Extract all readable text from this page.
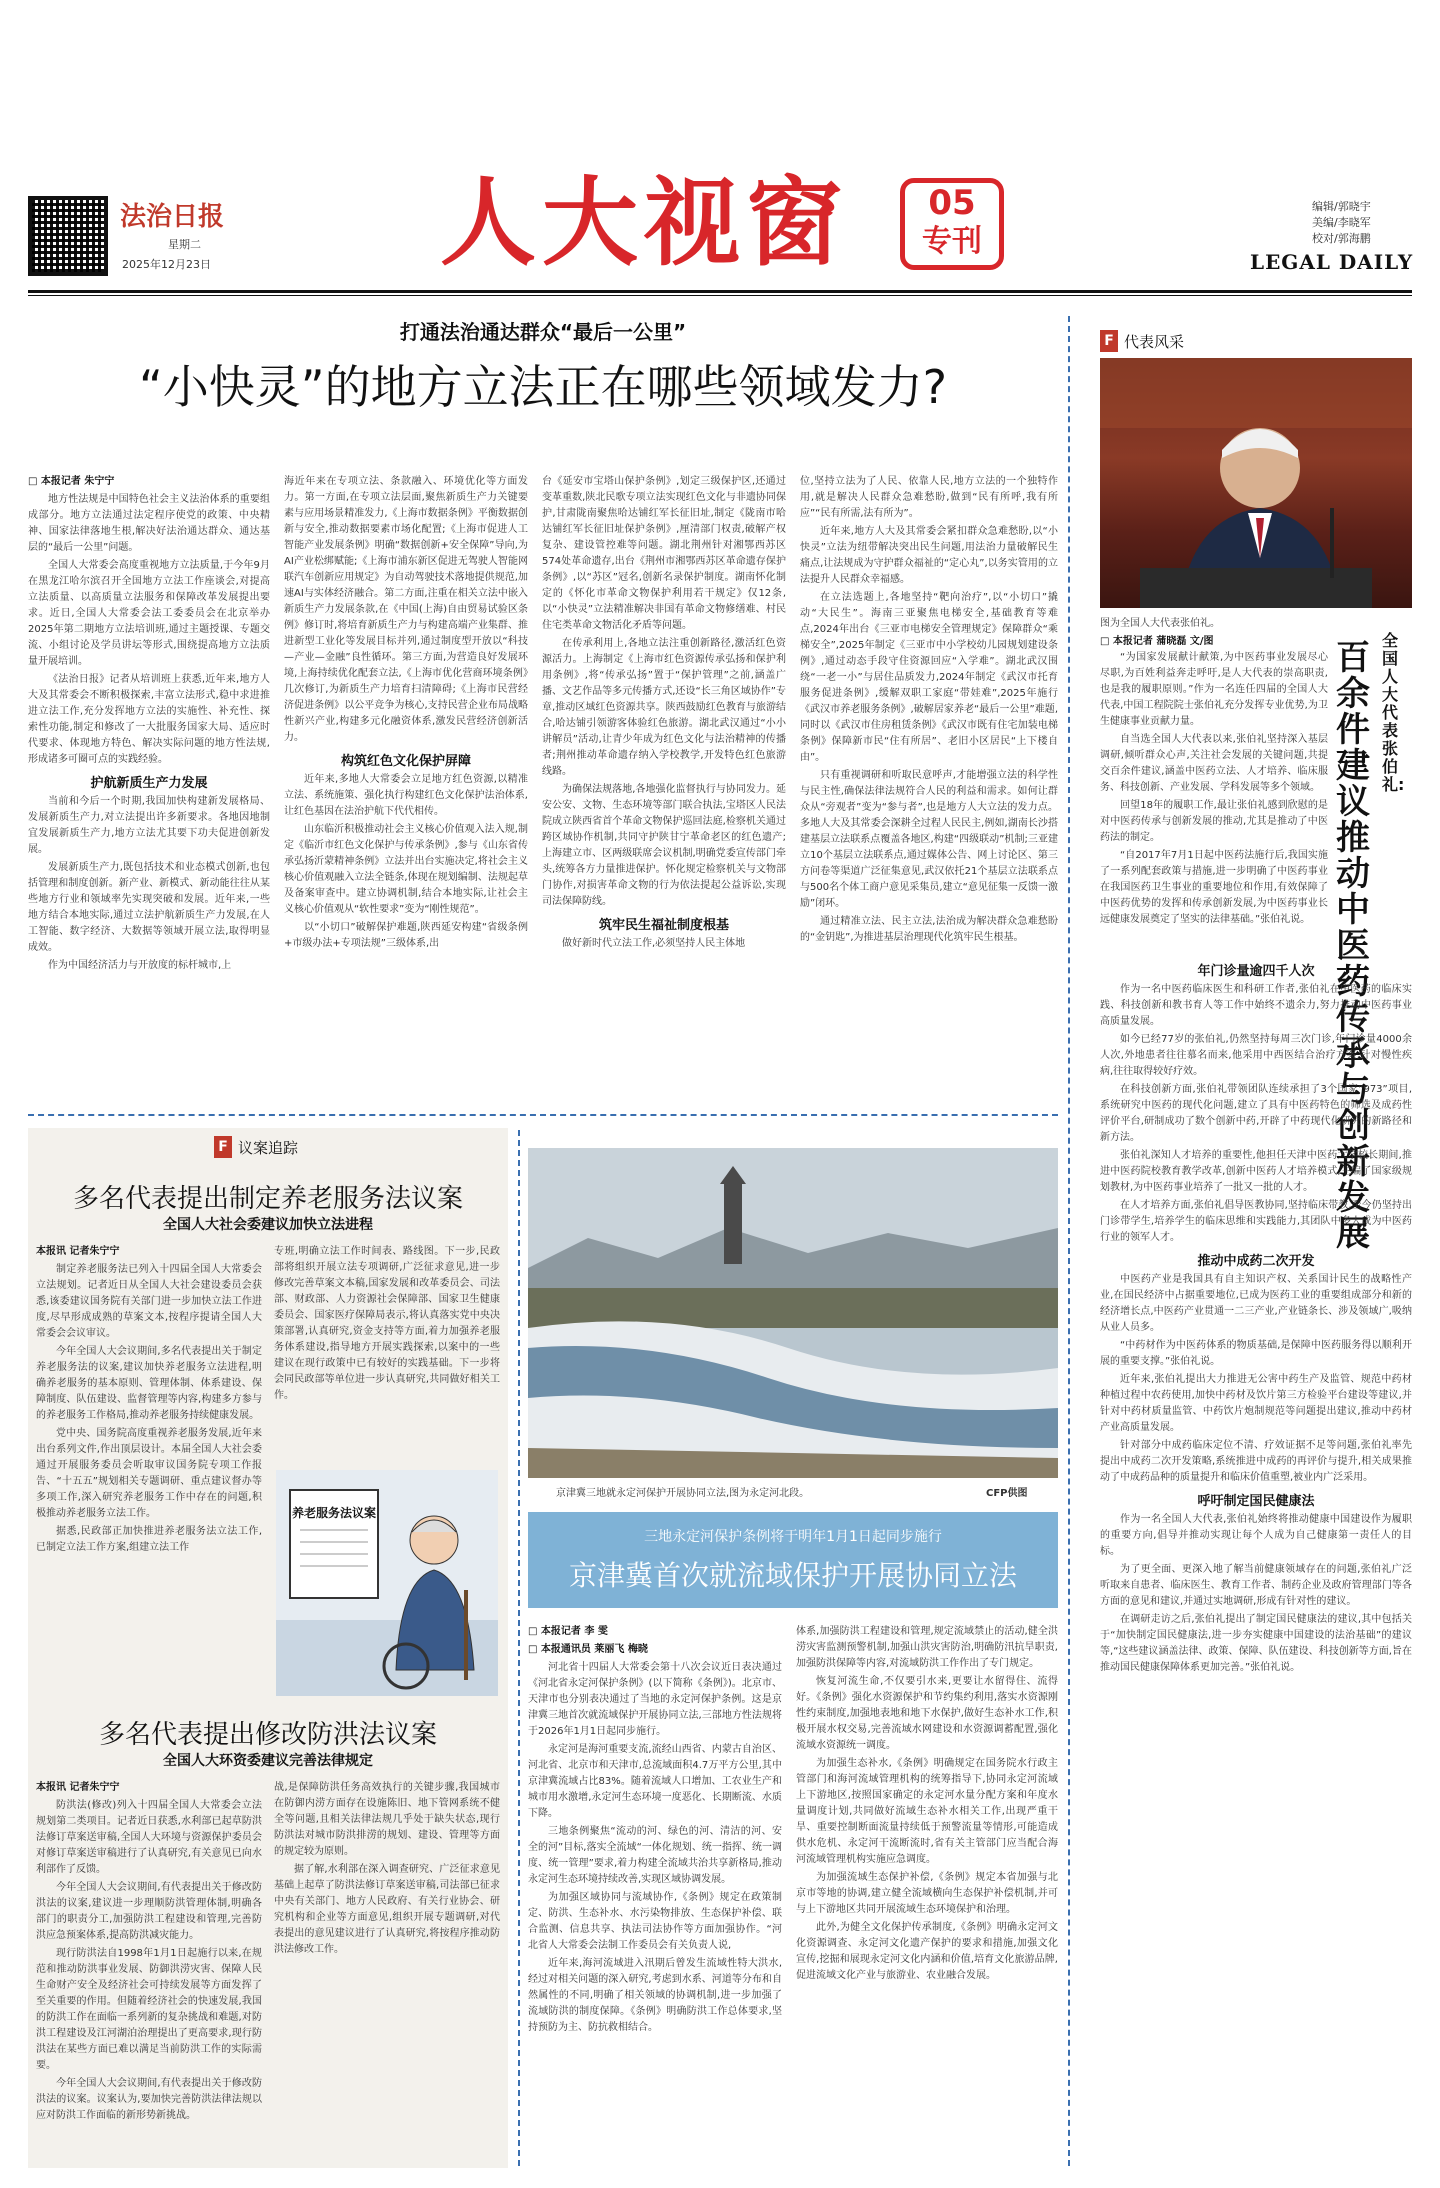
法治日报
星期二
2025年12月23日 人大视窗	05
专刊
编辑/郭晓宇
美编/李晓军
校对/郭海鹏
LEGAL DAILY
打通法治通达群众“最后一公里”
“小快灵”的地方立法正在哪些领域发力?

□ 本报记者 朱宁宁

地方性法规是中国特色社会主义法治体系的重要组成部分。地方立法通过法定程序使党的政策、中央精神、国家法律落地生根,解决好法治通达群众、通达基层的“最后一公里”问题。

全国人大常委会高度重视地方立法质量,于今年9月在黑龙江哈尔滨召开全国地方立法工作座谈会,对提高立法质量、以高质量立法服务和保障改革发展提出要求。近日,全国人大常委会法工委委员会在北京举办2025年第二期地方立法培训班,通过主题授课、专题交流、小组讨论及学员讲坛等形式,围绕提高地方立法质量开展培训。

《法治日报》记者从培训班上获悉,近年来,地方人大及其常委会不断积极探索,丰富立法形式,稳中求进推进立法工作,充分发挥地方立法的实施性、补充性、探索性功能,制定和修改了一大批服务国家大局、适应时代要求、体现地方特色、解决实际问题的地方性法规,形成诸多可圈可点的实践经验。

护航新质生产力发展

当前和今后一个时期,我国加快构建新发展格局、发展新质生产力,对立法提出许多新要求。各地因地制宜发展新质生产力,地方立法尤其要下功夫促进创新发展。

发展新质生产力,既包括技术和业态模式创新,也包括管理和制度创新。新产业、新模式、新动能往往从某些地方行业和领域率先实现突破和发展。近年来,一些地方结合本地实际,通过立法护航新质生产力发展,在人工智能、数字经济、大数据等领域开展立法,取得明显成效。

作为中国经济活力与开放度的标杆城市,上

海近年来在专项立法、条款融入、环境优化等方面发力。第一方面,在专项立法层面,聚焦新质生产力关键要素与应用场景精准发力,《上海市数据条例》平衡数据创新与安全,推动数据要素市场化配置;《上海市促进人工智能产业发展条例》明确“数据创新+安全保障”导向,为AI产业松绑赋能;《上海市浦东新区促进无驾驶人智能网联汽车创新应用规定》为自动驾驶技术落地提供规范,加速AI与实体经济融合。第二方面,注重在相关立法中嵌入新质生产力发展条款,在《中国(上海)自由贸易试验区条例》修订时,将培育新质生产力与构建高端产业集群、推进新型工业化等发展目标并列,通过制度型开放以“科技—产业—金融”良性循环。第三方面,为营造良好发展环境,上海持续优化配套立法,《上海市优化营商环境条例》几次修订,为新质生产力培育扫清障碍;《上海市民营经济促进条例》以公平竞争为核心,支持民营企业布局战略性新兴产业,构建多元化融资体系,激发民营经济创新活力。

构筑红色文化保护屏障

近年来,多地人大常委会立足地方红色资源,以精准立法、系统施策、强化执行构建红色文化保护法治体系,让红色基因在法治护航下代代相传。

山东临沂积极推动社会主义核心价值观入法入规,制定《临沂市红色文化保护与传承条例》,参与《山东省传承弘扬沂蒙精神条例》立法并出台实施决定,将社会主义核心价值观融入立法全链条,体现在规划编制、法规起草及备案审查中。建立协调机制,结合本地实际,让社会主义核心价值观从“软性要求”变为“刚性规范”。

以“小切口”破解保护难题,陕西延安构建“省级条例+市级办法+专项法规”三级体系,出

台《延安市宝塔山保护条例》,划定三级保护区,还通过变革重数,陕北民歌专项立法实现红色文化与非遗协同保护,甘肃陇南聚焦哈达铺红军长征旧址,制定《陇南市哈达铺红军长征旧址保护条例》,厘清部门权责,破解产权复杂、建设管控难等问题。湖北荆州针对湘鄂西苏区574处革命遗存,出台《荆州市湘鄂西苏区革命遗存保护条例》,以“苏区”冠名,创新名录保护制度。湖南怀化制定的《怀化市革命文物保护利用若干规定》仅12条,以“小快灵”立法精准解决非国有革命文物修缮难、村民住宅类革命文物活化矛盾等问题。

在传承利用上,各地立法注重创新路径,激活红色资源活力。上海制定《上海市红色资源传承弘扬和保护利用条例》,将“传承弘扬”置于“保护管理”之前,涵盖广播、文艺作品等多元传播方式,还设“长三角区域协作”专章,推动区域红色资源共享。陕西鼓励红色教育与旅游结合,哈达铺引领游客体验红色旅游。湖北武汉通过“小小讲解员”活动,让青少年成为红色文化与法治精神的传播者;荆州推动革命遗存纳入学校教学,开发特色红色旅游线路。

为确保法规落地,各地强化监督执行与协同发力。延安公安、文物、生态环境等部门联合执法,宝塔区人民法院成立陕西省首个革命文物保护巡回法庭,检察机关通过跨区域协作机制,共同守护陕甘宁革命老区的红色遗产;上海建立市、区两级联席会议机制,明确党委宣传部门牵头,统筹各方力量推进保护。怀化规定检察机关与文物部门协作,对损害革命文物的行为依法提起公益诉讼,实现司法保障防线。

筑牢民生福祉制度根基

做好新时代立法工作,必须坚持人民主体地

位,坚持立法为了人民、依靠人民,地方立法的一个独特作用,就是解决人民群众急难愁盼,做到“民有所呼,我有所应”“民有所需,法有所为”。

近年来,地方人大及其常委会紧扣群众急难愁盼,以“小快灵”立法为纽带解决突出民生问题,用法治力量破解民生痛点,让法规成为守护群众福祉的“定心丸”,以务实管用的立法提升人民群众幸福感。

在立法选题上,各地坚持“靶向治疗”,以“小切口”撬动“大民生”。海南三亚聚焦电梯安全,基础教育等难点,2024年出台《三亚市电梯安全管理规定》保障群众“乘梯安全”,2025年制定《三亚市中小学校幼儿园规划建设条例》,通过动态手段守住资源回应“入学难”。湖北武汉围绕“一老一小”与居住品质发力,2024年制定《武汉市托育服务促进条例》,缓解双职工家庭“带娃难”,2025年施行《武汉市养老服务条例》,破解居家养老“最后一公里”难题,同时以《武汉市住房租赁条例》《武汉市既有住宅加装电梯条例》保障新市民“住有所居”、老旧小区居民“上下楼自由”。

只有重视调研和听取民意呼声,才能增强立法的科学性与民主性,确保法律法规符合人民的利益和需求。如何让群众从“旁观者”变为“参与者”,也是地方人大立法的发力点。多地人大及其常委会深耕全过程人民民主,例如,湖南长沙搭建基层立法联系点覆盖各地区,构建“四级联动”机制;三亚建立10个基层立法联系点,通过媒体公告、网上讨论区、第三方问卷等渠道广泛征集意见,武汉依托21个基层立法联系点与500名个体工商户意见采集员,建立“意见征集一反馈一激励”闭环。

通过精准立法、民主立法,法治成为解决群众急难愁盼的“金钥匙”,为推进基层治理现代化筑牢民生根基。

F 代表风采
图为全国人大代表张伯礼。
□ 本报记者 蒲晓磊 文/图	全国人大代表张伯礼:
百余件建议推动中医药传承与创新发展

“为国家发展献计献策,为中医药事业发展尽心尽职,为百姓利益奔走呼吁,是人大代表的崇高职责,也是我的履职原则。”作为一名连任四届的全国人大代表,中国工程院院士张伯礼充分发挥专业优势,为卫生健康事业贡献力量。

自当选全国人大代表以来,张伯礼坚持深入基层调研,倾听群众心声,关注社会发展的关键问题,共提交百余件建议,涵盖中医药立法、人才培养、临床服务、科技创新、产业发展、学科发展等多个领域。

回望18年的履职工作,最让张伯礼感到欣慰的是对中医药传承与创新发展的推动,尤其是推动了中医药法的制定。

“自2017年7月1日起中医药法施行后,我国实施了一系列配套政策与措施,进一步明确了中医药事业在我国医药卫生事业的重要地位和作用,有效保障了中医药优势的发挥和传承创新发展,为中医药事业长远健康发展奠定了坚实的法律基础。”张伯礼说。

年门诊量逾四千人次

作为一名中医药临床医生和科研工作者,张伯礼在中医药的临床实践、科技创新和教书育人等工作中始终不遗余力,努力推动中医药事业高质量发展。

如今已经77岁的张伯礼,仍然坚持每周三次门诊,年门诊量4000余人次,外地患者往往慕名而来,他采用中西医结合治疗方案,针对慢性疾病,往往取得较好疗效。

在科技创新方面,张伯礼带领团队连续承担了3个国家“973”项目,系统研究中医药的现代化问题,建立了具有中医药特色的筛选及成药性评价平台,研制成功了数个创新中药,开辟了中药现代化研究的新路径和新方法。

张伯礼深知人才培养的重要性,他担任天津中医药大学校长期间,推进中医药院校教育教学改革,创新中医药人才培养模式,主编了国家级规划教材,为中医药事业培养了一批又一批的人才。

在人才培养方面,张伯礼倡导医教协同,坚持临床带教,至今仍坚持出门诊带学生,培养学生的临床思维和实践能力,其团队中多人成为中医药行业的领军人才。

推动中成药二次开发

中医药产业是我国具有自主知识产权、关系国计民生的战略性产业,在国民经济中占据重要地位,已成为医药工业的重要组成部分和新的经济增长点,中医药产业贯通一二三产业,产业链条长、涉及领域广,吸纳从业人员多。

“中药材作为中医药体系的物质基础,是保障中医药服务得以顺利开展的重要支撑。”张伯礼说。

近年来,张伯礼提出大力推进无公害中药生产及监管、规范中药材种植过程中农药使用,加快中药材及饮片第三方检验平台建设等建议,并针对中药材质量监管、中药饮片炮制规范等问题提出建议,推动中药材产业高质量发展。

针对部分中成药临床定位不清、疗效证据不足等问题,张伯礼率先提出中成药二次开发策略,系统推进中成药的再评价与提升,相关成果推动了中成药品种的质量提升和临床价值重塑,被业内广泛采用。

呼吁制定国民健康法

作为一名全国人大代表,张伯礼始终将推动健康中国建设作为履职的重要方向,倡导并推动实现让每个人成为自己健康第一责任人的目标。

为了更全面、更深入地了解当前健康领域存在的问题,张伯礼广泛听取来自患者、临床医生、教育工作者、制药企业及政府管理部门等各方面的意见和建议,并通过实地调研,形成有针对性的建议。

在调研走访之后,张伯礼提出了制定国民健康法的建议,其中包括关于“加快制定国民健康法,进一步夯实健康中国建设的法治基础”的建议等,“这些建议涵盖法律、政策、保障、队伍建设、科技创新等方面,旨在推动国民健康保障体系更加完善。”张伯礼说。

F 议案追踪
多名代表提出制定养老服务法议案
全国人大社会委建议加快立法进程

本报讯 记者朱宁宁

制定养老服务法已列入十四届全国人大常委会立法规划。记者近日从全国人大社会建设委员会获悉,该委建议国务院有关部门进一步加快立法工作进度,尽早形成成熟的草案文本,按程序提请全国人大常委会会议审议。

今年全国人大会议期间,多名代表提出关于制定养老服务法的议案,建议加快养老服务立法进程,明确养老服务的基本原则、管理体制、体系建设、保障制度、队伍建设、监督管理等内容,构建多方参与的养老服务工作格局,推动养老服务持续健康发展。

党中央、国务院高度重视养老服务发展,近年来出台系列文件,作出顶层设计。本届全国人大社会委通过开展服务委员会听取审议国务院专项工作报告、“十五五”规划相关专题调研、重点建议督办等多项工作,深入研究养老服务工作中存在的问题,积极推动养老服务立法工作。

据悉,民政部正加快推进养老服务法立法工作,已制定立法工作方案,组建立法工作

专班,明确立法工作时间表、路线图。下一步,民政部将组织开展立法专项调研,广泛征求意见,进一步修改完善草案文本稿,国家发展和改革委员会、司法部、财政部、人力资源社会保障部、国家卫生健康委员会、国家医疗保障局表示,将认真落实党中央决策部署,认真研究,资金支持等方面,着力加强养老服务体系建设,指导地方开展实践探索,以案中的一些建议在现行政策中已有较好的实践基础。下一步将会同民政部等单位进一步认真研究,共同做好相关工作。

养老服务法议案
多名代表提出修改防洪法议案
全国人大环资委建议完善法律规定

本报讯 记者朱宁宁

防洪法(修改)列入十四届全国人大常委会立法规划第二类项目。记者近日获悉,水利部已起草防洪法修订草案送审稿,全国人大环境与资源保护委员会对修订草案送审稿进行了认真研究,有关意见已向水利部作了反馈。

今年全国人大会议期间,有代表提出关于修改防洪法的议案,建议进一步理顺防洪管理体制,明确各部门的职责分工,加强防洪工程建设和管理,完善防洪应急预案体系,提高防洪减灾能力。

现行防洪法自1998年1月1日起施行以来,在规范和推动防洪事业发展、防御洪涝灾害、保障人民生命财产安全及经济社会可持续发展等方面发挥了至关重要的作用。但随着经济社会的快速发展,我国的防洪工作在面临一系列新的复杂挑战和难题,对防洪工程建设及江河湖泊治理提出了更高要求,现行防洪法在某些方面已难以满足当前防洪工作的实际需要。

今年全国人大会议期间,有代表提出关于修改防洪法的议案。议案认为,要加快完善防洪法律法规以应对防洪工作面临的新形势新挑战。

战,是保障防洪任务高效执行的关键步骤,我国城市在防御内涝方面存在设施陈旧、地下管网系统不健全等问题,且相关法律法规几乎处于缺失状态,现行防洪法对城市防洪排涝的规划、建设、管理等方面的规定较为原则。

据了解,水利部在深入调查研究、广泛征求意见基础上起草了防洪法修订草案送审稿,司法部已征求中央有关部门、地方人民政府、有关行业协会、研究机构和企业等方面意见,组织开展专题调研,对代表提出的意见建议进行了认真研究,将按程序推动防洪法修改工作。

京津冀三地就永定河保护开展协同立法,图为永定河北段。	CFP供图
三地永定河保护条例将于明年1月1日起同步施行
京津冀首次就流域保护开展协同立法

□ 本报记者 李 雯

□ 本报通讯员 莱丽飞 梅晓

河北省十四届人大常委会第十八次会议近日表决通过《河北省永定河保护条例》(以下简称《条例》)。北京市、天津市也分别表决通过了当地的永定河保护条例。这是京津冀三地首次就流域保护开展协同立法,三部地方性法规将于2026年1月1日起同步施行。

永定河是海河重要支流,流经山西省、内蒙古自治区、河北省、北京市和天津市,总流域面积4.7万平方公里,其中京津冀流域占比83%。随着流域人口增加、工农业生产和城市用水激增,永定河生态环境一度恶化、长期断流、水质下降。

三地条例聚焦“流动的河、绿色的河、清洁的河、安全的河”目标,落实全流域“一体化规划、统一指挥、统一调度、统一管理”要求,着力构建全流域共治共享新格局,推动永定河生态环境持续改善,实现区域协调发展。

为加强区域协同与流域协作,《条例》规定在政策制定、防洪、生态补水、水污染物排放、生态保护补偿、联合监测、信息共享、执法司法协作等方面加强协作。“河北省人大常委会法制工作委员会有关负责人说,

近年来,海河流域进入汛期后曾发生流域性特大洪水,经过对相关问题的深入研究,考虑到水系、河道等分布和自然属性的不同,明确了相关领域的协调机制,进一步加强了流域防洪的制度保障。《条例》明确防洪工作总体要求,坚持预防为主、防抗救相结合。

体系,加强防洪工程建设和管理,规定流域禁止的活动,健全洪涝灾害监测预警机制,加强山洪灾害防治,明确防汛抗旱职责,加强防洪保障等内容,对流域防洪工作作出了专门规定。

恢复河流生命,不仅要引水来,更要让水留得住、流得好。《条例》强化水资源保护和节约集约利用,落实水资源刚性约束制度,加强地表地和地下水保护,做好生态补水工作,积极开展水权交易,完善流域水网建设和水资源调蓄配置,强化流域水资源统一调度。

为加强生态补水,《条例》明确规定在国务院水行政主管部门和海河流域管理机构的统筹指导下,协同永定河流域上下游地区,按照国家确定的永定河水量分配方案和年度水量调度计划,共同做好流域生态补水相关工作,出现严重干旱、重要控制断面流量持续低于预警流量等情形,可能造成供水危机、永定河干流断流时,省有关主管部门应当配合海河流域管理机构实施应急调度。

为加强流域生态保护补偿,《条例》规定本省加强与北京市等地的协调,建立健全流域横向生态保护补偿机制,并可与上下游地区共同开展流域生态环境保护和治理。

此外,为健全文化保护传承制度,《条例》明确永定河文化资源调查、永定河文化遗产保护的要求和措施,加强文化宣传,挖掘和展现永定河文化内涵和价值,培育文化旅游品牌,促进流域文化产业与旅游业、农业融合发展。
